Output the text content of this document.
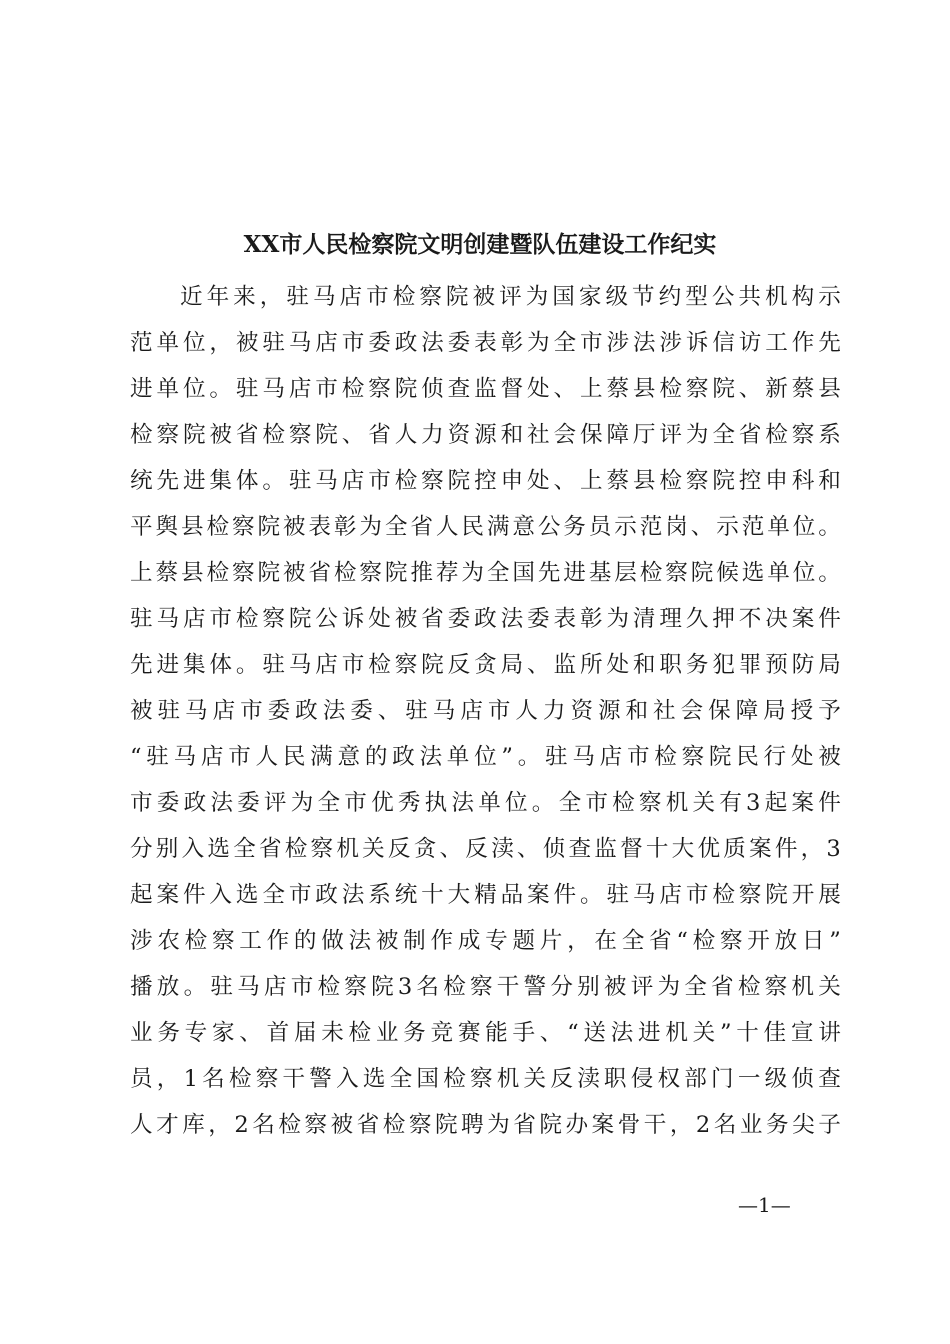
XX市人民检察院文明创建暨队伍建设工作纪实
近年来，驻马店市检察院被评为国家级节约型公共机构示
范单位，被驻马店市委政法委表彰为全市涉法涉诉信访工作先
进单位。驻马店市检察院侦查监督处、上蔡县检察院、新蔡县
检察院被省检察院、省人力资源和社会保障厅评为全省检察系
统先进集体。驻马店市检察院控申处、上蔡县检察院控申科和
平舆县检察院被表彰为全省人民满意公务员示范岗、示范单位。
上蔡县检察院被省检察院推荐为全国先进基层检察院候选单位。
驻马店市检察院公诉处被省委政法委表彰为清理久押不决案件
先进集体。驻马店市检察院反贪局、监所处和职务犯罪预防局
被驻马店市委政法委、驻马店市人力资源和社会保障局授予
“驻马店市人民满意的政法单位”。驻马店市检察院民行处被
市委政法委评为全市优秀执法单位。全市检察机关有3起案件
分别入选全省检察机关反贪、反渎、侦查监督十大优质案件，3
起案件入选全市政法系统十大精品案件。驻马店市检察院开展
涉农检察工作的做法被制作成专题片，在全省“检察开放日”
播放。驻马店市检察院3名检察干警分别被评为全省检察机关
业务专家、首届未检业务竞赛能手、“送法进机关”十佳宣讲
员，1名检察干警入选全国检察机关反渎职侵权部门一级侦查
人才库，2名检察被省检察院聘为省院办案骨干，2名业务尖子
—1—
